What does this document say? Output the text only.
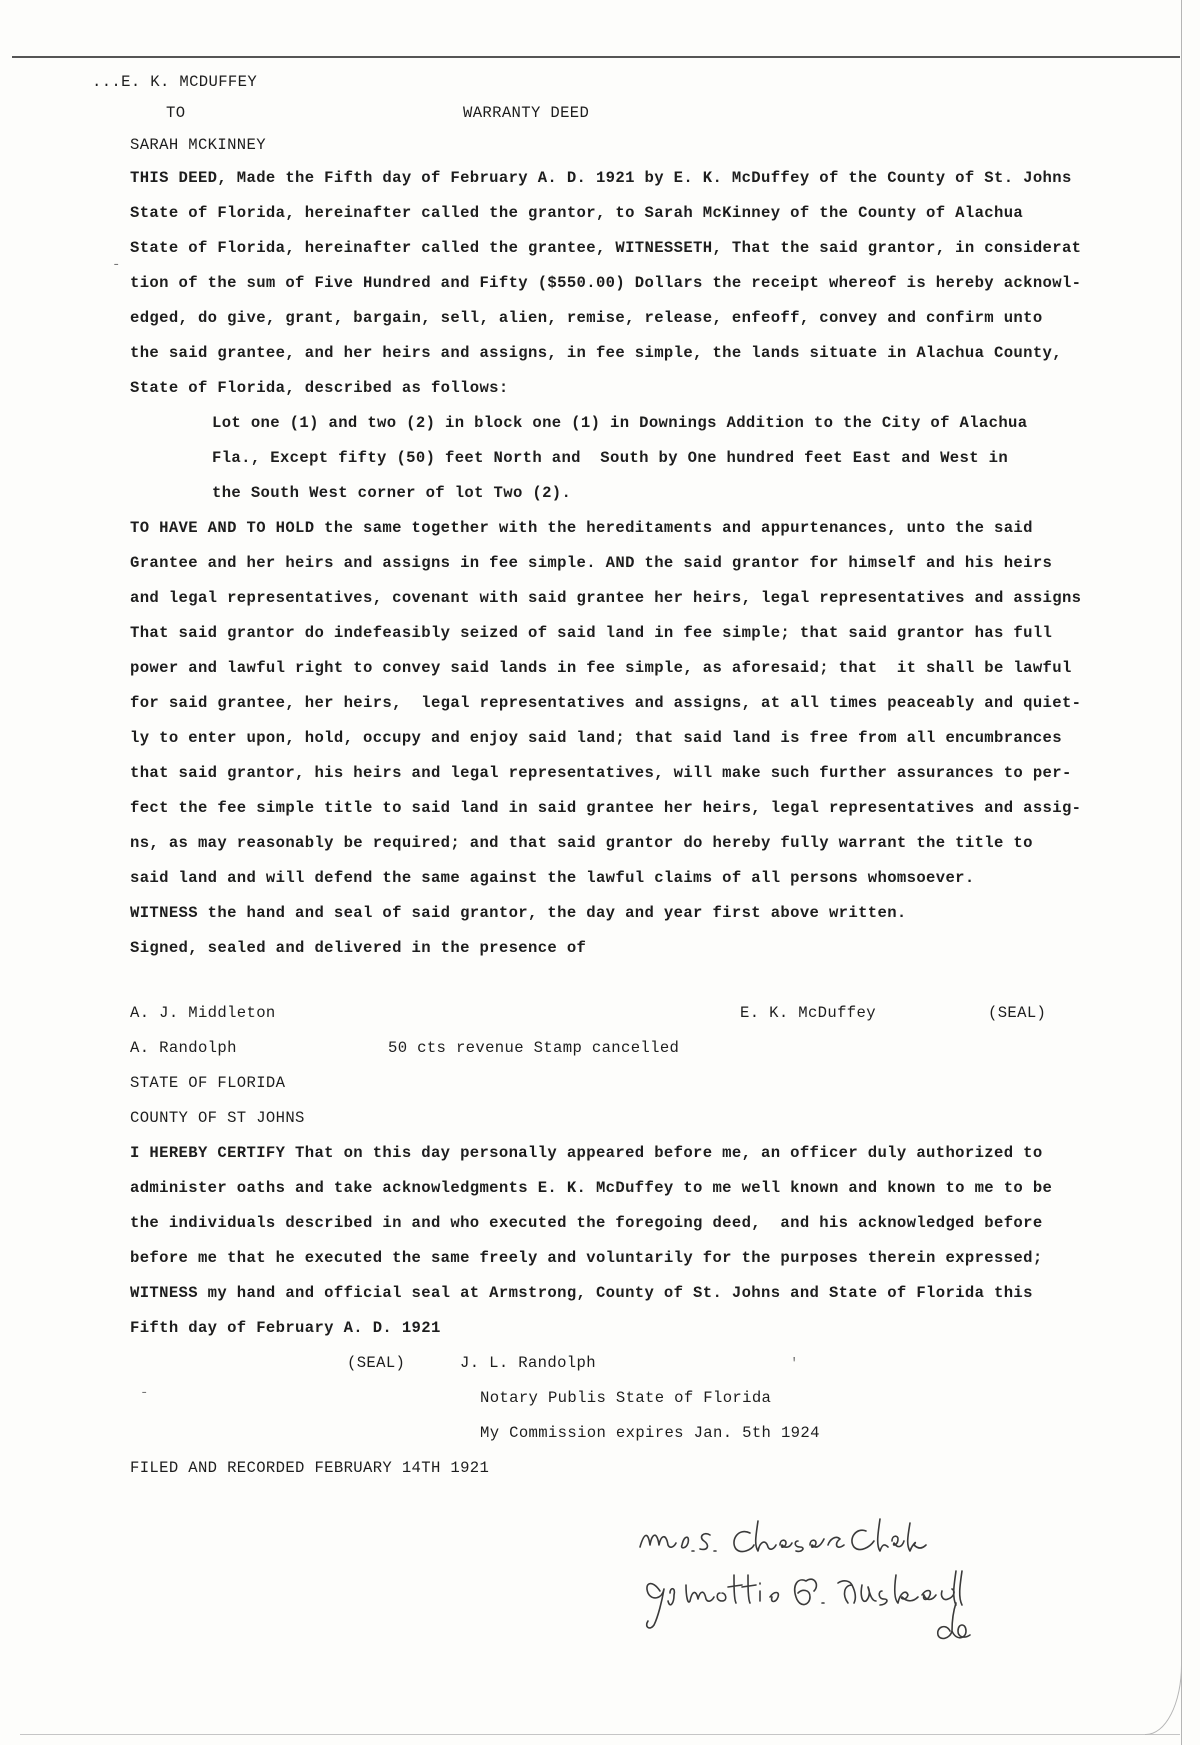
...E. K. MCDUFFEY
TO	WARRANTY DEED
SARAH MCKINNEY
THIS DEED, Made the Fifth day of February A. D. 1921 by E. K. McDuffey of the County of St. Johns
State of Florida, hereinafter called the grantor, to Sarah McKinney of the County of Alachua
State of Florida, hereinafter called the grantee, WITNESSETH, That the said grantor, in considerat
tion of the sum of Five Hundred and Fifty ($550.00) Dollars the receipt whereof is hereby acknowl-
edged, do give, grant, bargain, sell, alien, remise, release, enfeoff, convey and confirm unto
the said grantee, and her heirs and assigns, in fee simple, the lands situate in Alachua County,
State of Florida, described as follows:
Lot one (1) and two (2) in block one (1) in Downings Addition to the City of Alachua
Fla., Except fifty (50) feet North and  South by One hundred feet East and West in
the South West corner of lot Two (2).
TO HAVE AND TO HOLD the same together with the hereditaments and appurtenances, unto the said
Grantee and her heirs and assigns in fee simple. AND the said grantor for himself and his heirs
and legal representatives, covenant with said grantee her heirs, legal representatives and assigns
That said grantor do indefeasibly seized of said land in fee simple; that said grantor has full
power and lawful right to convey said lands in fee simple, as aforesaid; that  it shall be lawful
for said grantee, her heirs,  legal representatives and assigns, at all times peaceably and quiet-
ly to enter upon, hold, occupy and enjoy said land; that said land is free from all encumbrances
that said grantor, his heirs and legal representatives, will make such further assurances to per-
fect the fee simple title to said land in said grantee her heirs, legal representatives and assig-
ns, as may reasonably be required; and that said grantor do hereby fully warrant the title to
said land and will defend the same against the lawful claims of all persons whomsoever.
WITNESS the hand and seal of said grantor, the day and year first above written.
Signed, sealed and delivered in the presence of
A. J. Middleton	E. K. McDuffey	(SEAL)
A. Randolph	50 cts revenue Stamp cancelled
STATE OF FLORIDA
COUNTY OF ST JOHNS
I HEREBY CERTIFY That on this day personally appeared before me, an officer duly authorized to
administer oaths and take acknowledgments E. K. McDuffey to me well known and known to me to be
the individuals described in and who executed the foregoing deed,  and his acknowledged before
before me that he executed the same freely and voluntarily for the purposes therein expressed;
WITNESS my hand and official seal at Armstrong, County of St. Johns and State of Florida this
Fifth day of February A. D. 1921
(SEAL)	J. L. Randolph
Notary Publis State of Florida
My Commission expires Jan. 5th 1924
FILED AND RECORDED FEBRUARY 14TH 1921
-
'
-
